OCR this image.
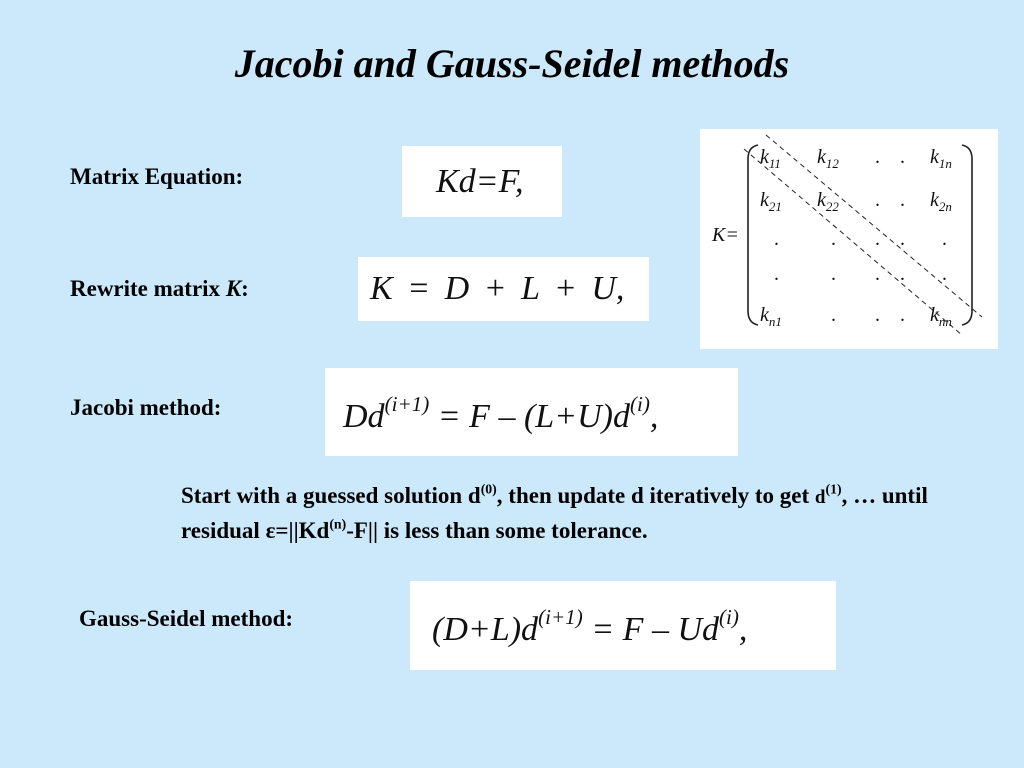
Jacobi and Gauss-Seidel methods
Matrix Equation:	Kd=F,
Rewrite matrix K:	K = D + L + U,
K=
$k_{11}$ $k_{12}$ . . $k_{1n}$
$k_{21}$ $k_{22}$ . . $k_{2n}$
.	. . . .
.	. . . .
$k_{n1}$ . . . $k_{nn}$
Jacobi method:	$Dd^{(i+1)} = F - (L+U)d^{(i)}$,
Start with a guessed solution $d^{(0)}$, then update d iteratively to get $d^{(1)}$, … until residual $\varepsilon=||Kd^{(n)}-F||$ is less than some tolerance.
Gauss-Seidel method:	$(D+L)d^{(i+1)} = F - Ud^{(i)}$,
